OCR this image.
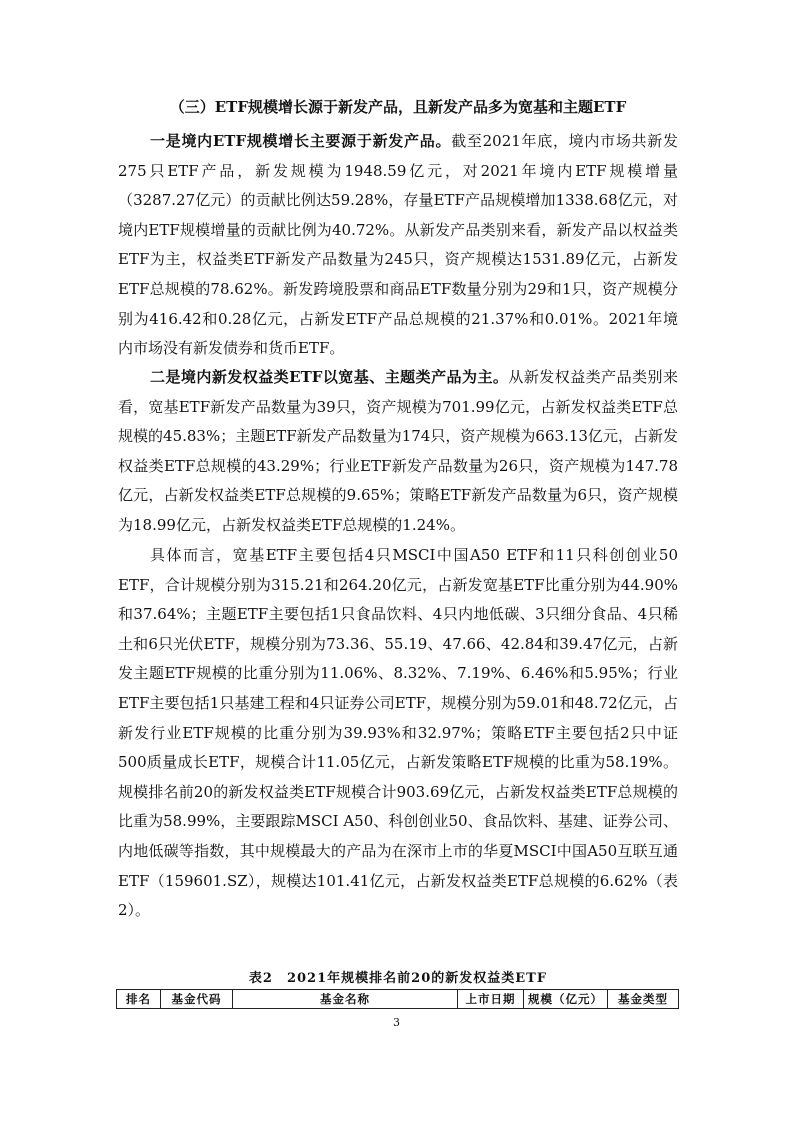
（三）ETF规模增长源于新发产品，且新发产品多为宽基和主题ETF

一是境内ETF规模增长主要源于新发产品。截至2021年底，境内市场共新发275只ETF产品，新发规模为1948.59亿元，对2021年境内ETF规模增量（3287.27亿元）的贡献比例达59.28%，存量ETF产品规模增加1338.68亿元，对境内ETF规模增量的贡献比例为40.72%。从新发产品类别来看，新发产品以权益类ETF为主，权益类ETF新发产品数量为245只，资产规模达1531.89亿元，占新发ETF总规模的78.62%。新发跨境股票和商品ETF数量分别为29和1只，资产规模分别为416.42和0.28亿元，占新发ETF产品总规模的21.37%和0.01%。2021年境内市场没有新发债券和货币ETF。

二是境内新发权益类ETF以宽基、主题类产品为主。从新发权益类产品类别来看，宽基ETF新发产品数量为39只，资产规模为701.99亿元，占新发权益类ETF总规模的45.83%；主题ETF新发产品数量为174只，资产规模为663.13亿元，占新发权益类ETF总规模的43.29%；行业ETF新发产品数量为26只，资产规模为147.78亿元，占新发权益类ETF总规模的9.65%；策略ETF新发产品数量为6只，资产规模为18.99亿元，占新发权益类ETF总规模的1.24%。

具体而言，宽基ETF主要包括4只MSCI中国A50 ETF和11只科创创业50 ETF，合计规模分别为315.21和264.20亿元，占新发宽基ETF比重分别为44.90%和37.64%；主题ETF主要包括1只食品饮料、4只内地低碳、3只细分食品、4只稀土和6只光伏ETF，规模分别为73.36、55.19、47.66、42.84和39.47亿元，占新发主题ETF规模的比重分别为11.06%、8.32%、7.19%、6.46%和5.95%；行业ETF主要包括1只基建工程和4只证券公司ETF，规模分别为59.01和48.72亿元，占新发行业ETF规模的比重分别为39.93%和32.97%；策略ETF主要包括2只中证500质量成长ETF，规模合计11.05亿元，占新发策略ETF规模的比重为58.19%。规模排名前20的新发权益类ETF规模合计903.69亿元，占新发权益类ETF总规模的比重为58.99%，主要跟踪MSCI A50、科创创业50、食品饮料、基建、证券公司、内地低碳等指数，其中规模最大的产品为在深市上市的华夏MSCI中国A50互联互通ETF（159601.SZ），规模达101.41亿元，占新发权益类ETF总规模的6.62%（表2）。

表2　2021年规模排名前20的新发权益类ETF
排名	基金代码	基金名称	上市日期	规模（亿元）	基金类型
3
